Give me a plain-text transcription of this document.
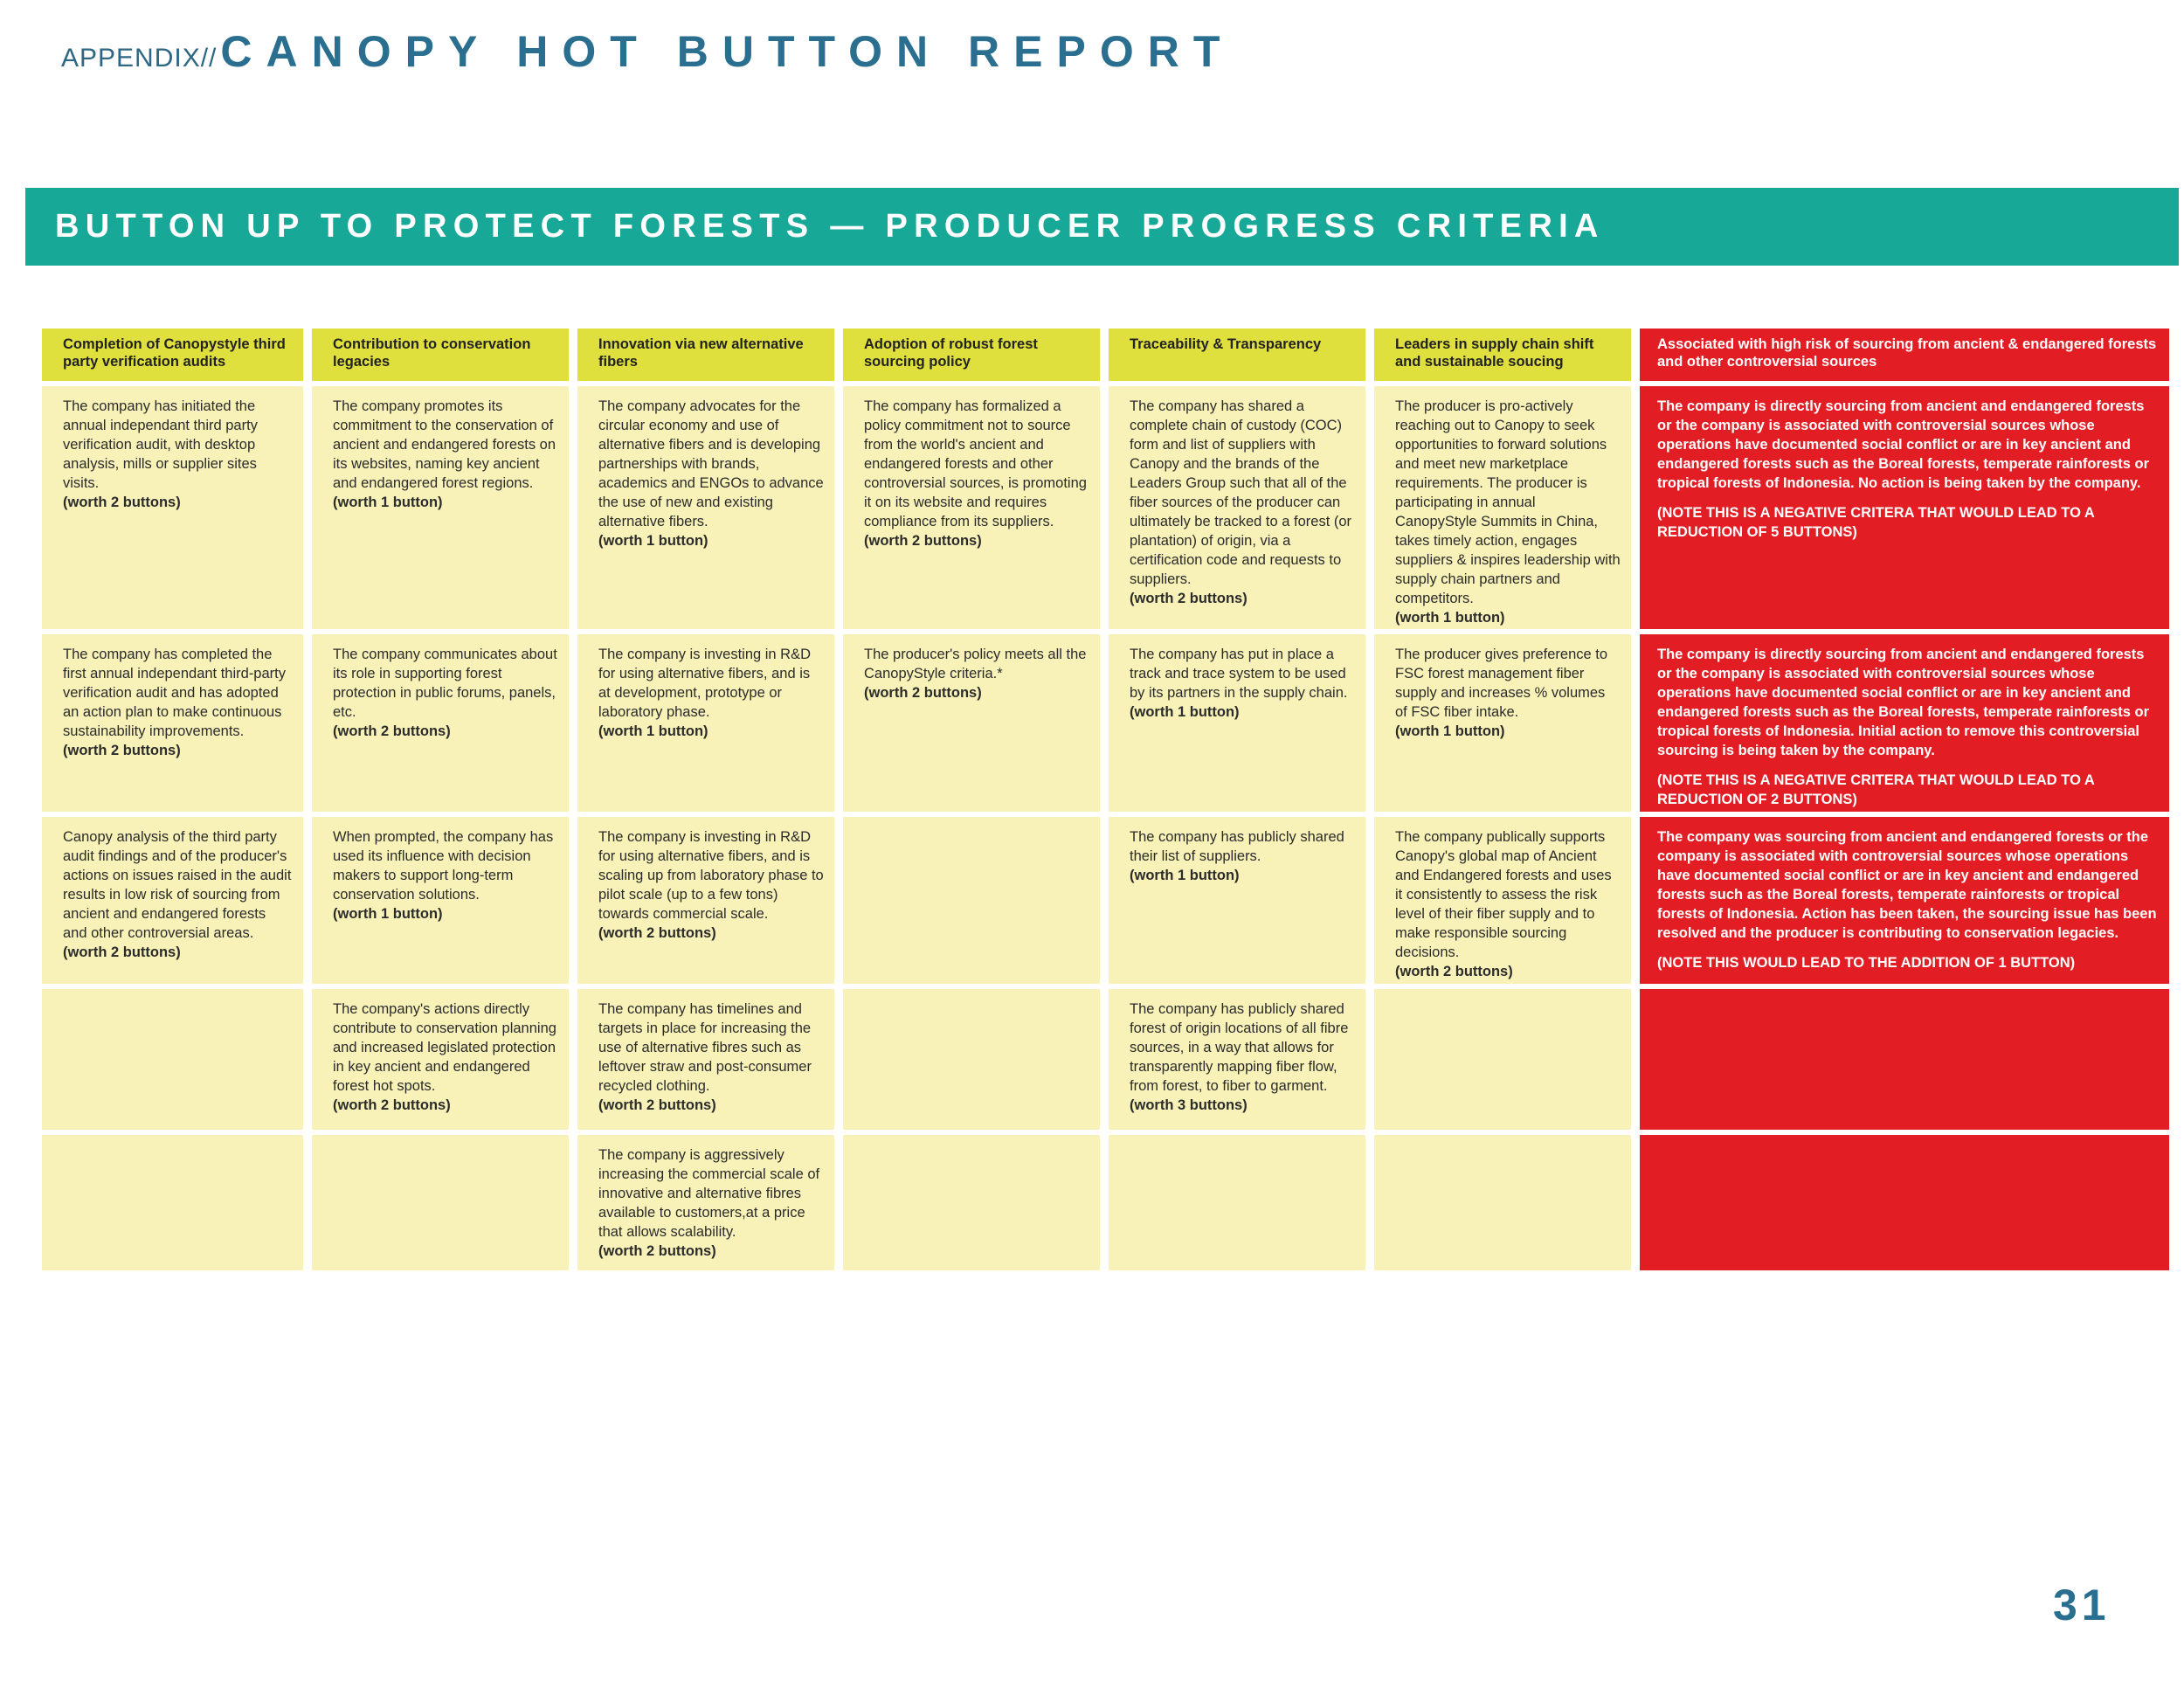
APPENDIX//CANOPY HOT BUTTON REPORT
BUTTON UP TO PROTECT FORESTS — PRODUCER PROGRESS CRITERIA
Completion of Canopystyle third party verification audits
Contribution to conservation legacies
Innovation via new alternative fibers
Adoption of robust forest sourcing policy
Traceability & Transparency	Leaders in supply chain shift and sustainable soucing
Associated with high risk of sourcing from ancient & endangered forests and other controversial sources

The company has initiated the annual independant third party verification audit, with desktop analysis, mills or supplier sites visits.

(worth 2 buttons)

The company promotes its commitment to the conservation of ancient and endangered forests on its websites, naming key ancient and endangered forest regions.

(worth 1 button)

The company advocates for the circular economy and use of alternative fibers and is developing partnerships with brands, academics and ENGOs to advance the use of new and existing alternative fibers.

(worth 1 button)

The company has formalized a policy commitment not to source from the world's ancient and endangered forests and other controversial sources, is promoting it on its website and requires compliance from its suppliers.

(worth 2 buttons)

The company has shared a complete chain of custody (COC) form and list of suppliers with Canopy and the brands of the Leaders Group such that all of the fiber sources of the producer can ultimately be tracked to a forest (or plantation) of origin, via a certification code and requests to suppliers.

(worth 2 buttons)

The producer is pro-actively reaching out to Canopy to seek opportunities to forward solutions and meet new marketplace requirements. The producer is participating in annual CanopyStyle Summits in China, takes timely action, engages suppliers & inspires leadership with supply chain partners and competitors.

(worth 1 button)

The company is directly sourcing from ancient and endangered forests or the company is associated with controversial sources whose operations have documented social conflict or are in key ancient and endangered forests such as the Boreal forests, temperate rainforests or tropical forests of Indonesia. No action is being taken by the company.

(NOTE THIS IS A NEGATIVE CRITERA THAT WOULD LEAD TO A REDUCTION OF 5 BUTTONS)

The company has completed the first annual independant third-party verification audit and has adopted an action plan to make continuous sustainability improvements.

(worth 2 buttons)

The company communicates about its role in supporting forest protection in public forums, panels, etc.

(worth 2 buttons)

The company is investing in R&D for using alternative fibers, and is at development, prototype or laboratory phase.

(worth 1 button)

The producer's policy meets all the CanopyStyle criteria.*

(worth 2 buttons)

The company has put in place a track and trace system to be used by its partners in the supply chain.

(worth 1 button)

The producer gives preference to FSC forest management fiber supply and increases % volumes of FSC fiber intake.

(worth 1 button)

The company is directly sourcing from ancient and endangered forests or the company is associated with controversial sources whose operations have documented social conflict or are in key ancient and endangered forests such as the Boreal forests, temperate rainforests or tropical forests of Indonesia. Initial action to remove this controversial sourcing is being taken by the company.

(NOTE THIS IS A NEGATIVE CRITERA THAT WOULD LEAD TO A REDUCTION OF 2 BUTTONS)

Canopy analysis of the third party audit findings and of the producer's actions on issues raised in the audit results in low risk of sourcing from ancient and endangered forests and other controversial areas.

(worth 2 buttons)

When prompted, the company has used its influence with decision makers to support long-term conservation solutions.

(worth 1 button)

The company is investing in R&D for using alternative fibers, and is scaling up from laboratory phase to pilot scale (up to a few tons) towards commercial scale.

(worth 2 buttons)

The company has publicly shared their list of suppliers.

(worth 1 button)

The company publically supports Canopy's global map of Ancient and Endangered forests and uses it consistently to assess the risk level of their fiber supply and to make responsible sourcing decisions.

(worth 2 buttons)

The company was sourcing from ancient and endangered forests or the company is associated with controversial sources whose operations have documented social conflict or are in key ancient and endangered forests such as the Boreal forests, temperate rainforests or tropical forests of Indonesia. Action has been taken, the sourcing issue has been resolved and the producer is contributing to conservation legacies.

(NOTE THIS WOULD LEAD TO THE ADDITION OF 1 BUTTON)

The company's actions directly contribute to conservation planning and increased legislated protection in key ancient and endangered forest hot spots.

(worth 2 buttons)

The company has timelines and targets in place for increasing the use of alternative fibres such as leftover straw and post-consumer recycled clothing.

(worth 2 buttons)

The company has publicly shared forest of origin locations of all fibre sources, in a way that allows for transparently mapping fiber flow, from forest, to fiber to garment.

(worth 3 buttons)

The company is aggressively increasing the commercial scale of innovative and alternative fibres available to customers,at a price that allows scalability.

(worth 2 buttons)

31
